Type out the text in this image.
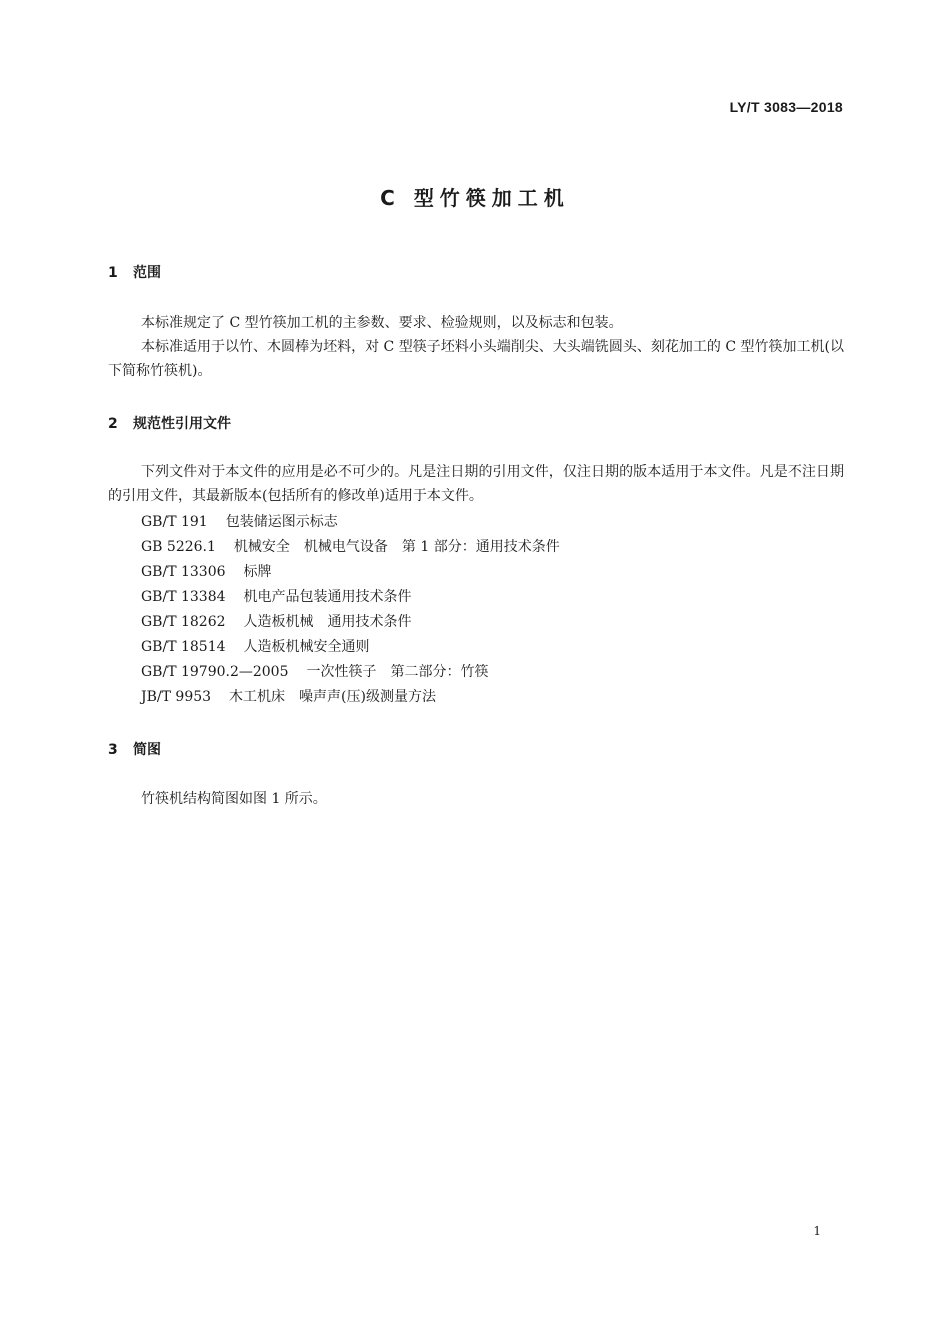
LY/T 3083—2018
C 型竹筷加工机
1 范围
本标准规定了 C 型竹筷加工机的主参数、要求、检验规则，以及标志和包装。
本标准适用于以竹、木圆棒为坯料，对 C 型筷子坯料小头端削尖、大头端铣圆头、刻花加工的 C 型竹筷加工机(以下简称竹筷机)。
2 规范性引用文件
下列文件对于本文件的应用是必不可少的。凡是注日期的引用文件，仅注日期的版本适用于本文件。凡是不注日期的引用文件，其最新版本(包括所有的修改单)适用于本文件。
GB/T 191 包装储运图示标志
GB 5226.1 机械安全　机械电气设备　第 1 部分：通用技术条件
GB/T 13306 标牌
GB/T 13384 机电产品包装通用技术条件
GB/T 18262 人造板机械　通用技术条件
GB/T 18514 人造板机械安全通则
GB/T 19790.2—2005 一次性筷子　第二部分：竹筷
JB/T 9953 木工机床　噪声声(压)级测量方法
3 简图
竹筷机结构简图如图 1 所示。
1
